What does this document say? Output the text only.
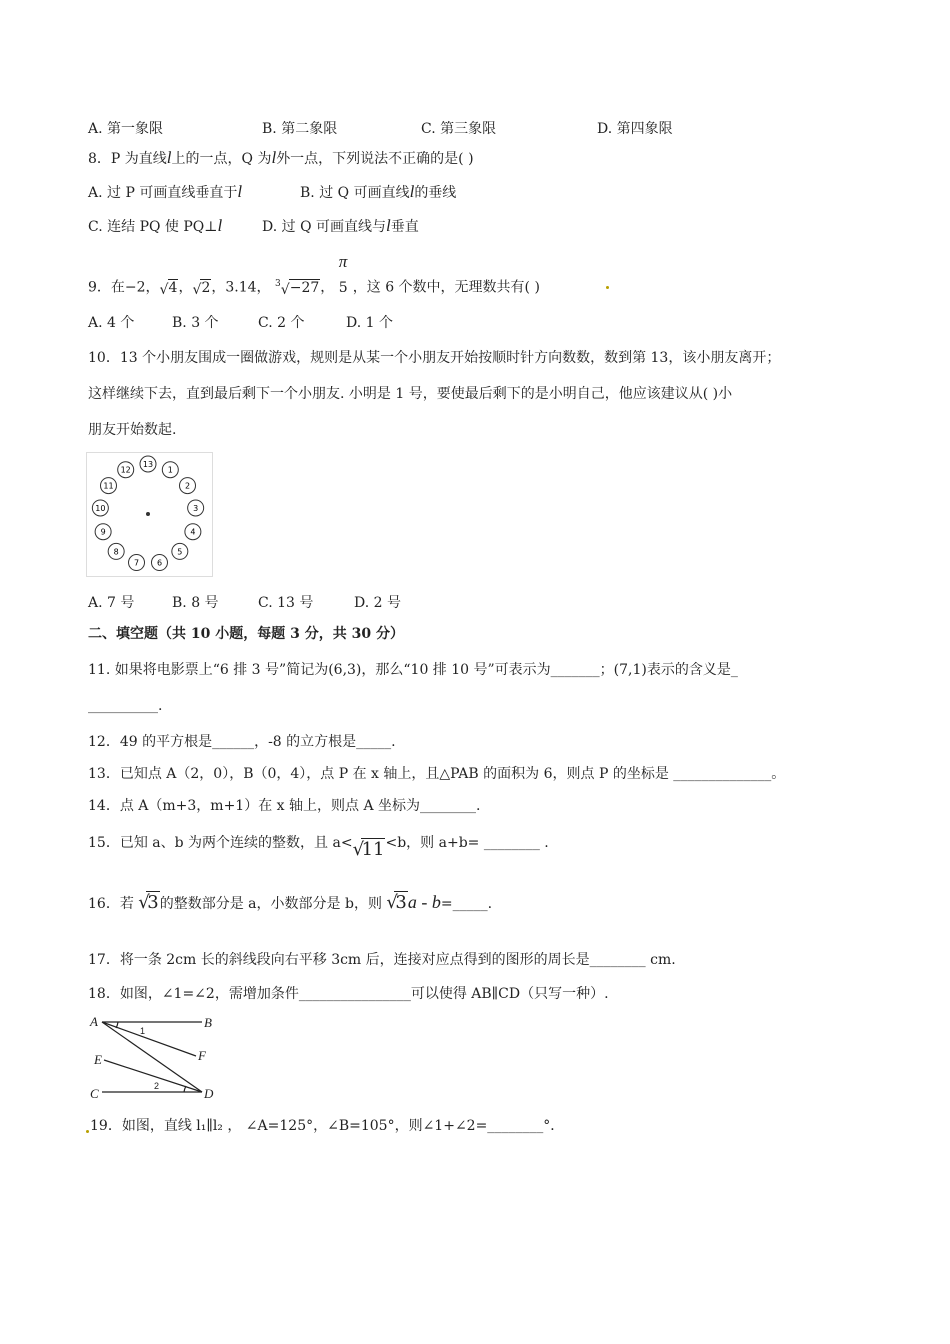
A. 第一象限	B. 第二象限	C. 第三象限	D. 第四象限
8．P 为直线l上的一点，Q 为l外一点，下列说法不正确的是( )
A. 过 P 可画直线垂直于l	B. 过 Q 可画直线l的垂线
C. 连结 PQ 使 PQ⊥l	D. 过 Q 可画直线与l垂直
9．在−2， √ 4， √ 2，3.14， $^3$ √ −27，
π
5 ，这 6 个数中，无理数共有( )
A. 4 个	B. 3 个	C. 2 个	D. 1 个
10．13 个小朋友围成一圈做游戏，规则是从某一个小朋友开始按顺时针方向数数，数到第 13，该小朋友离开；
这样继续下去，直到最后剩下一个小朋友. 小明是 1 号，要使最后剩下的是小明自己，他应该建议从( )小
朋友开始数起.
13
1
2
3
4
5
6
7
8
9
10
11
12
A. 7 号	B. 8 号	C. 13 号	D. 2 号
二、填空题（共 10 小题，每题 3 分，共 30 分）
11. 如果将电影票上“6 排 3 号”简记为(6,3)，那么“10 排 10 号”可表示为_______；(7,1)表示的含义是_
__________.
12．49 的平方根是______，-8 的立方根是_____.
13．已知点 A（2，0），B（0，4），点 P 在 x 轴上，且△PAB 的面积为 6，则点 P 的坐标是 ______________。
14．点 A（m+3，m+1）在 x 轴上，则点 A 坐标为________.
15．已知 a、b 为两个连续的整数，且 a< √
11<b，则 a+b= ________ .
16．若 √
3的整数部分是 a，小数部分是 b，则 √
3a - b=_____.
17．将一条 2cm 长的斜线段向右平移 3cm 后，连接对应点得到的图形的周长是________ cm.
18．如图，∠1=∠2，需增加条件________________可以使得 AB∥CD（只写一种）.
A	B
F
E
C	D
1
2
19．如图，直线 l₁∥l₂ ， ∠A=125°，∠B=105°，则∠1+∠2=________°．
